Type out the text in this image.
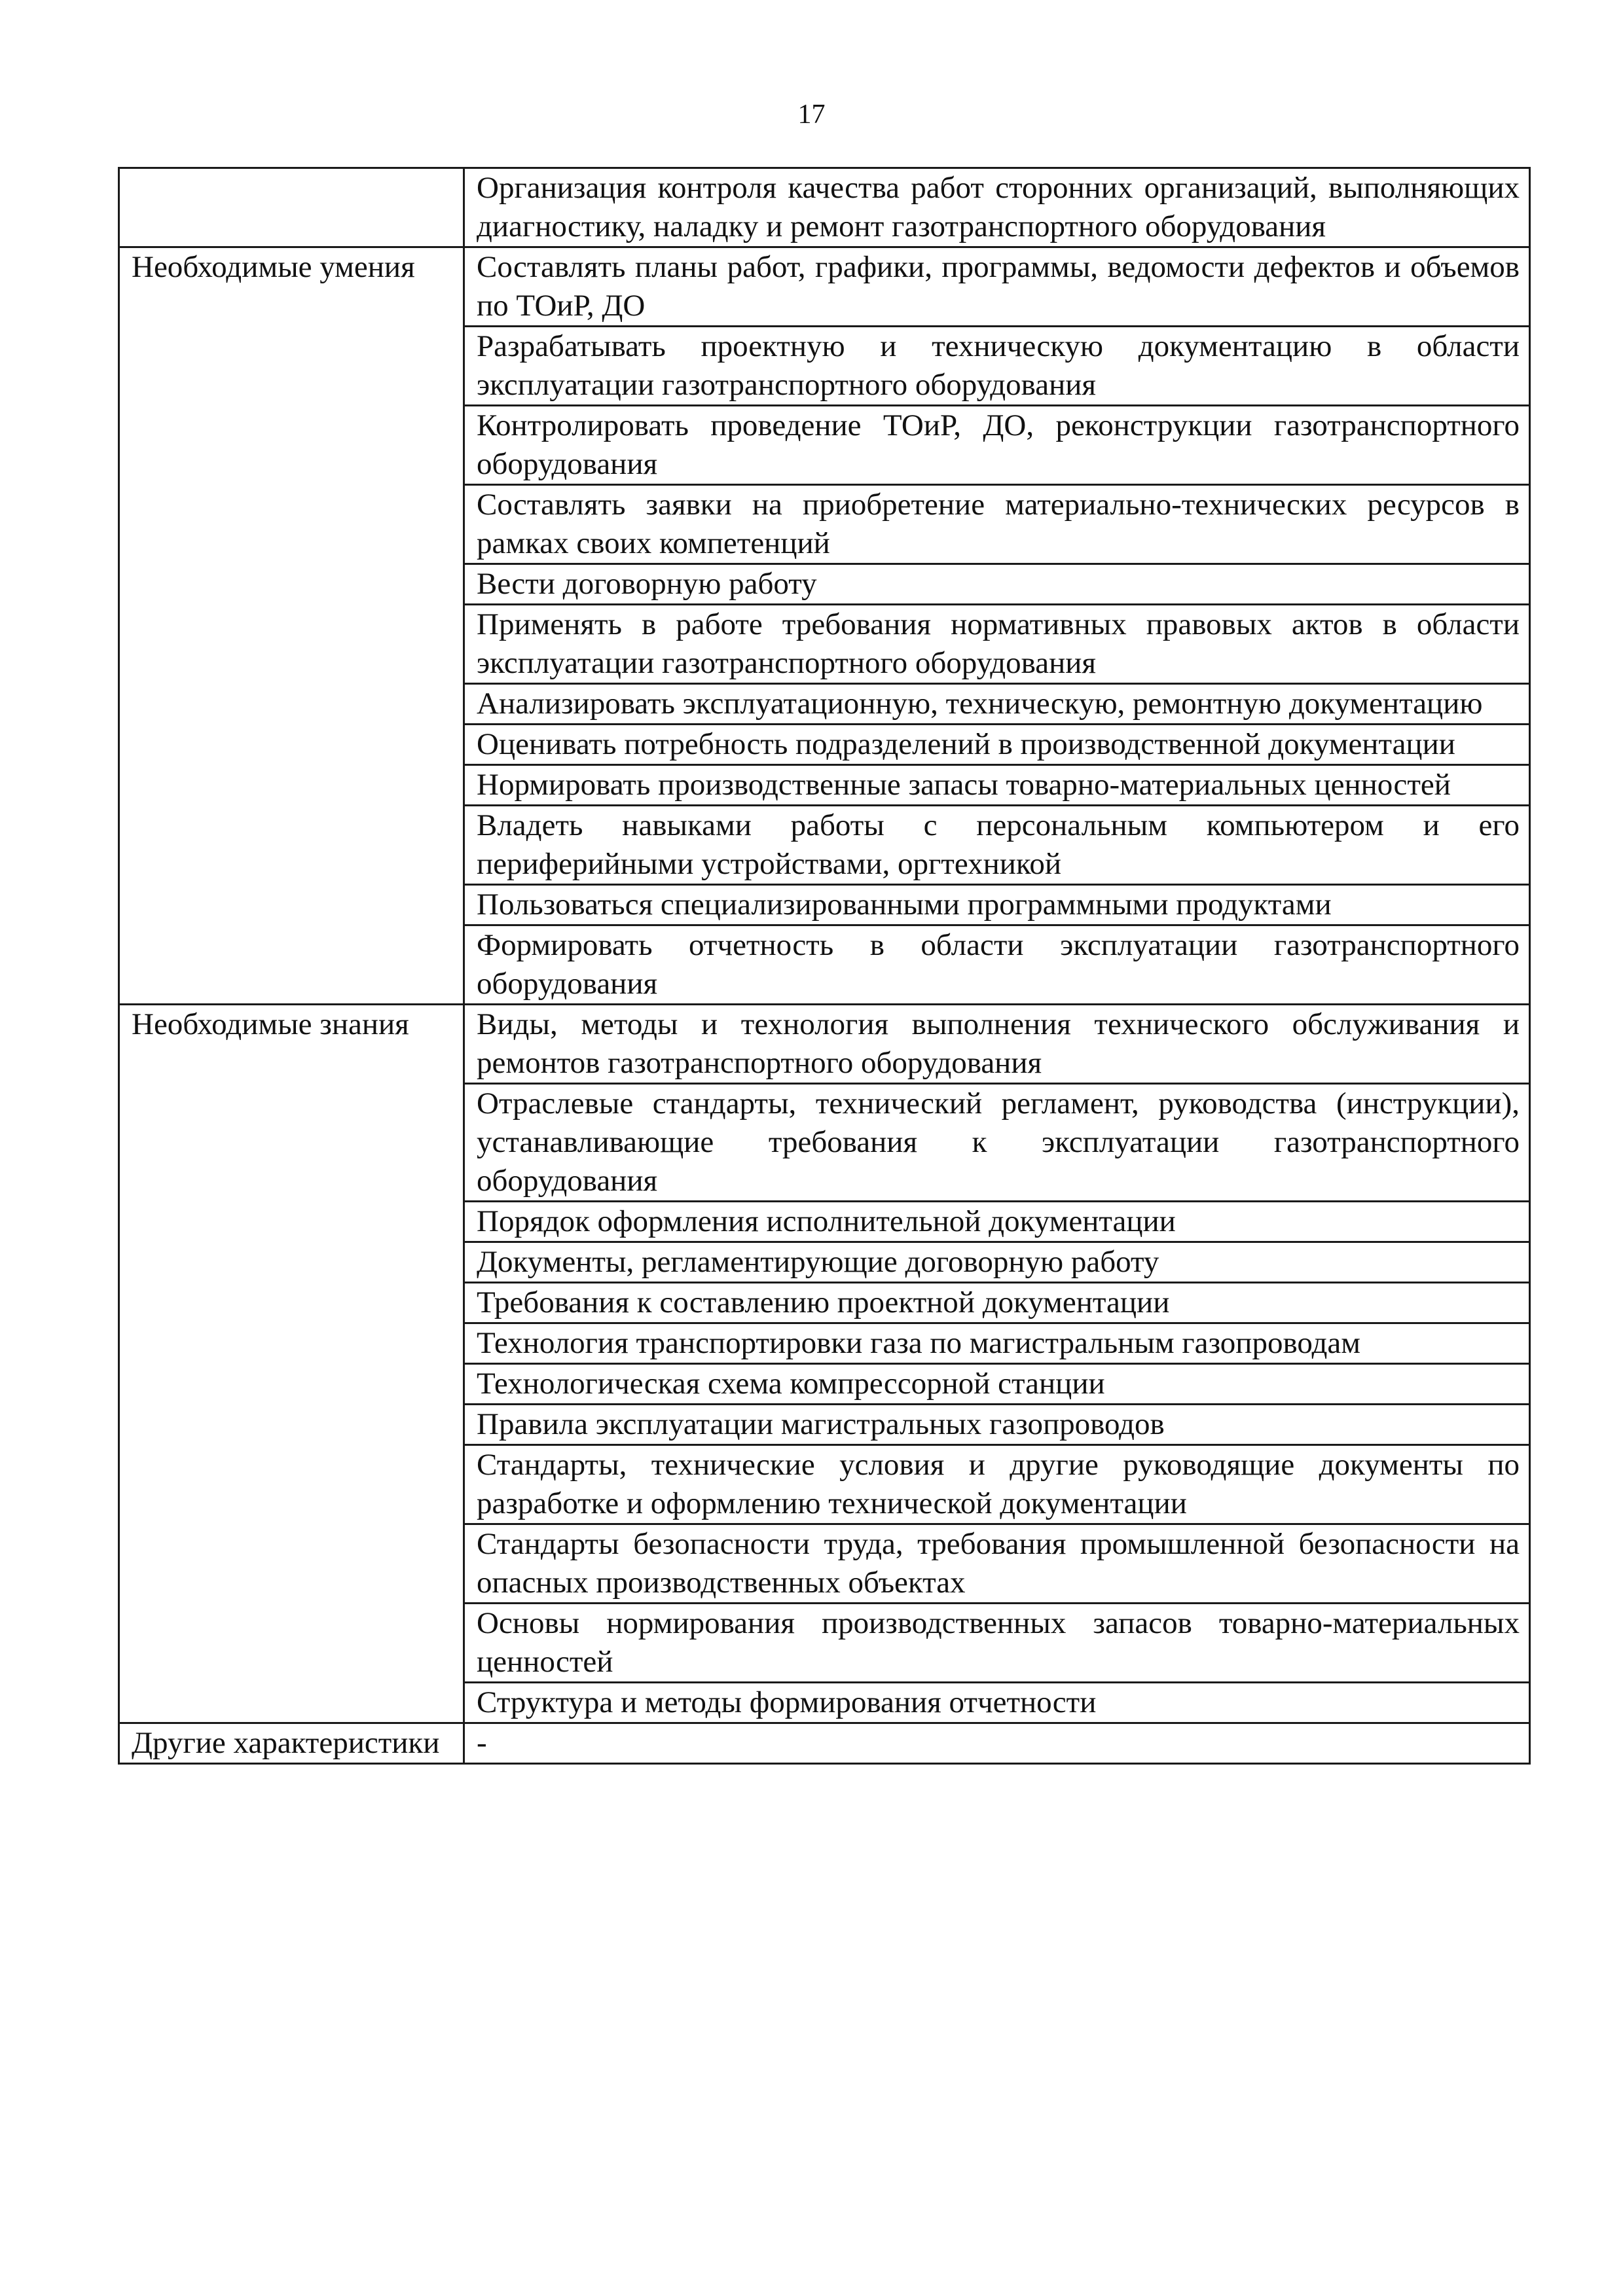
17
	Организация контроля качества работ сторонних организаций, выполняющих диагностику, наладку и ремонт газотранспортного оборудования
Необходимые умения	Составлять планы работ, графики, программы, ведомости дефектов и объемов по ТОиР, ДО
	Разрабатывать проектную и техническую документацию в области эксплуатации газотранспортного оборудования
	Контролировать проведение ТОиР, ДО, реконструкции газотранспортного оборудования
	Составлять заявки на приобретение материально-технических ресурсов в рамках своих компетенций
	Вести договорную работу
	Применять в работе требования нормативных правовых актов в области эксплуатации газотранспортного оборудования
	Анализировать эксплуатационную, техническую, ремонтную документацию
	Оценивать потребность подразделений в производственной документации
	Нормировать производственные запасы товарно-материальных ценностей
	Владеть навыками работы с персональным компьютером и его периферийными устройствами, оргтехникой
	Пользоваться специализированными программными продуктами
	Формировать отчетность в области эксплуатации газотранспортного оборудования
Необходимые знания	Виды, методы и технология выполнения технического обслуживания и ремонтов газотранспортного оборудования
	Отраслевые стандарты, технический регламент, руководства (инструкции), устанавливающие требования к эксплуатации газотранспортного оборудования
	Порядок оформления исполнительной документации
	Документы, регламентирующие договорную работу
	Требования к составлению проектной документации
	Технология транспортировки газа по магистральным газопроводам
	Технологическая схема компрессорной станции
	Правила эксплуатации магистральных газопроводов
	Стандарты, технические условия и другие руководящие документы по разработке и оформлению технической документации
	Стандарты безопасности труда, требования промышленной безопасности на опасных производственных объектах
	Основы нормирования производственных запасов товарно-материальных ценностей
	Структура и методы формирования отчетности
Другие характеристики	-
